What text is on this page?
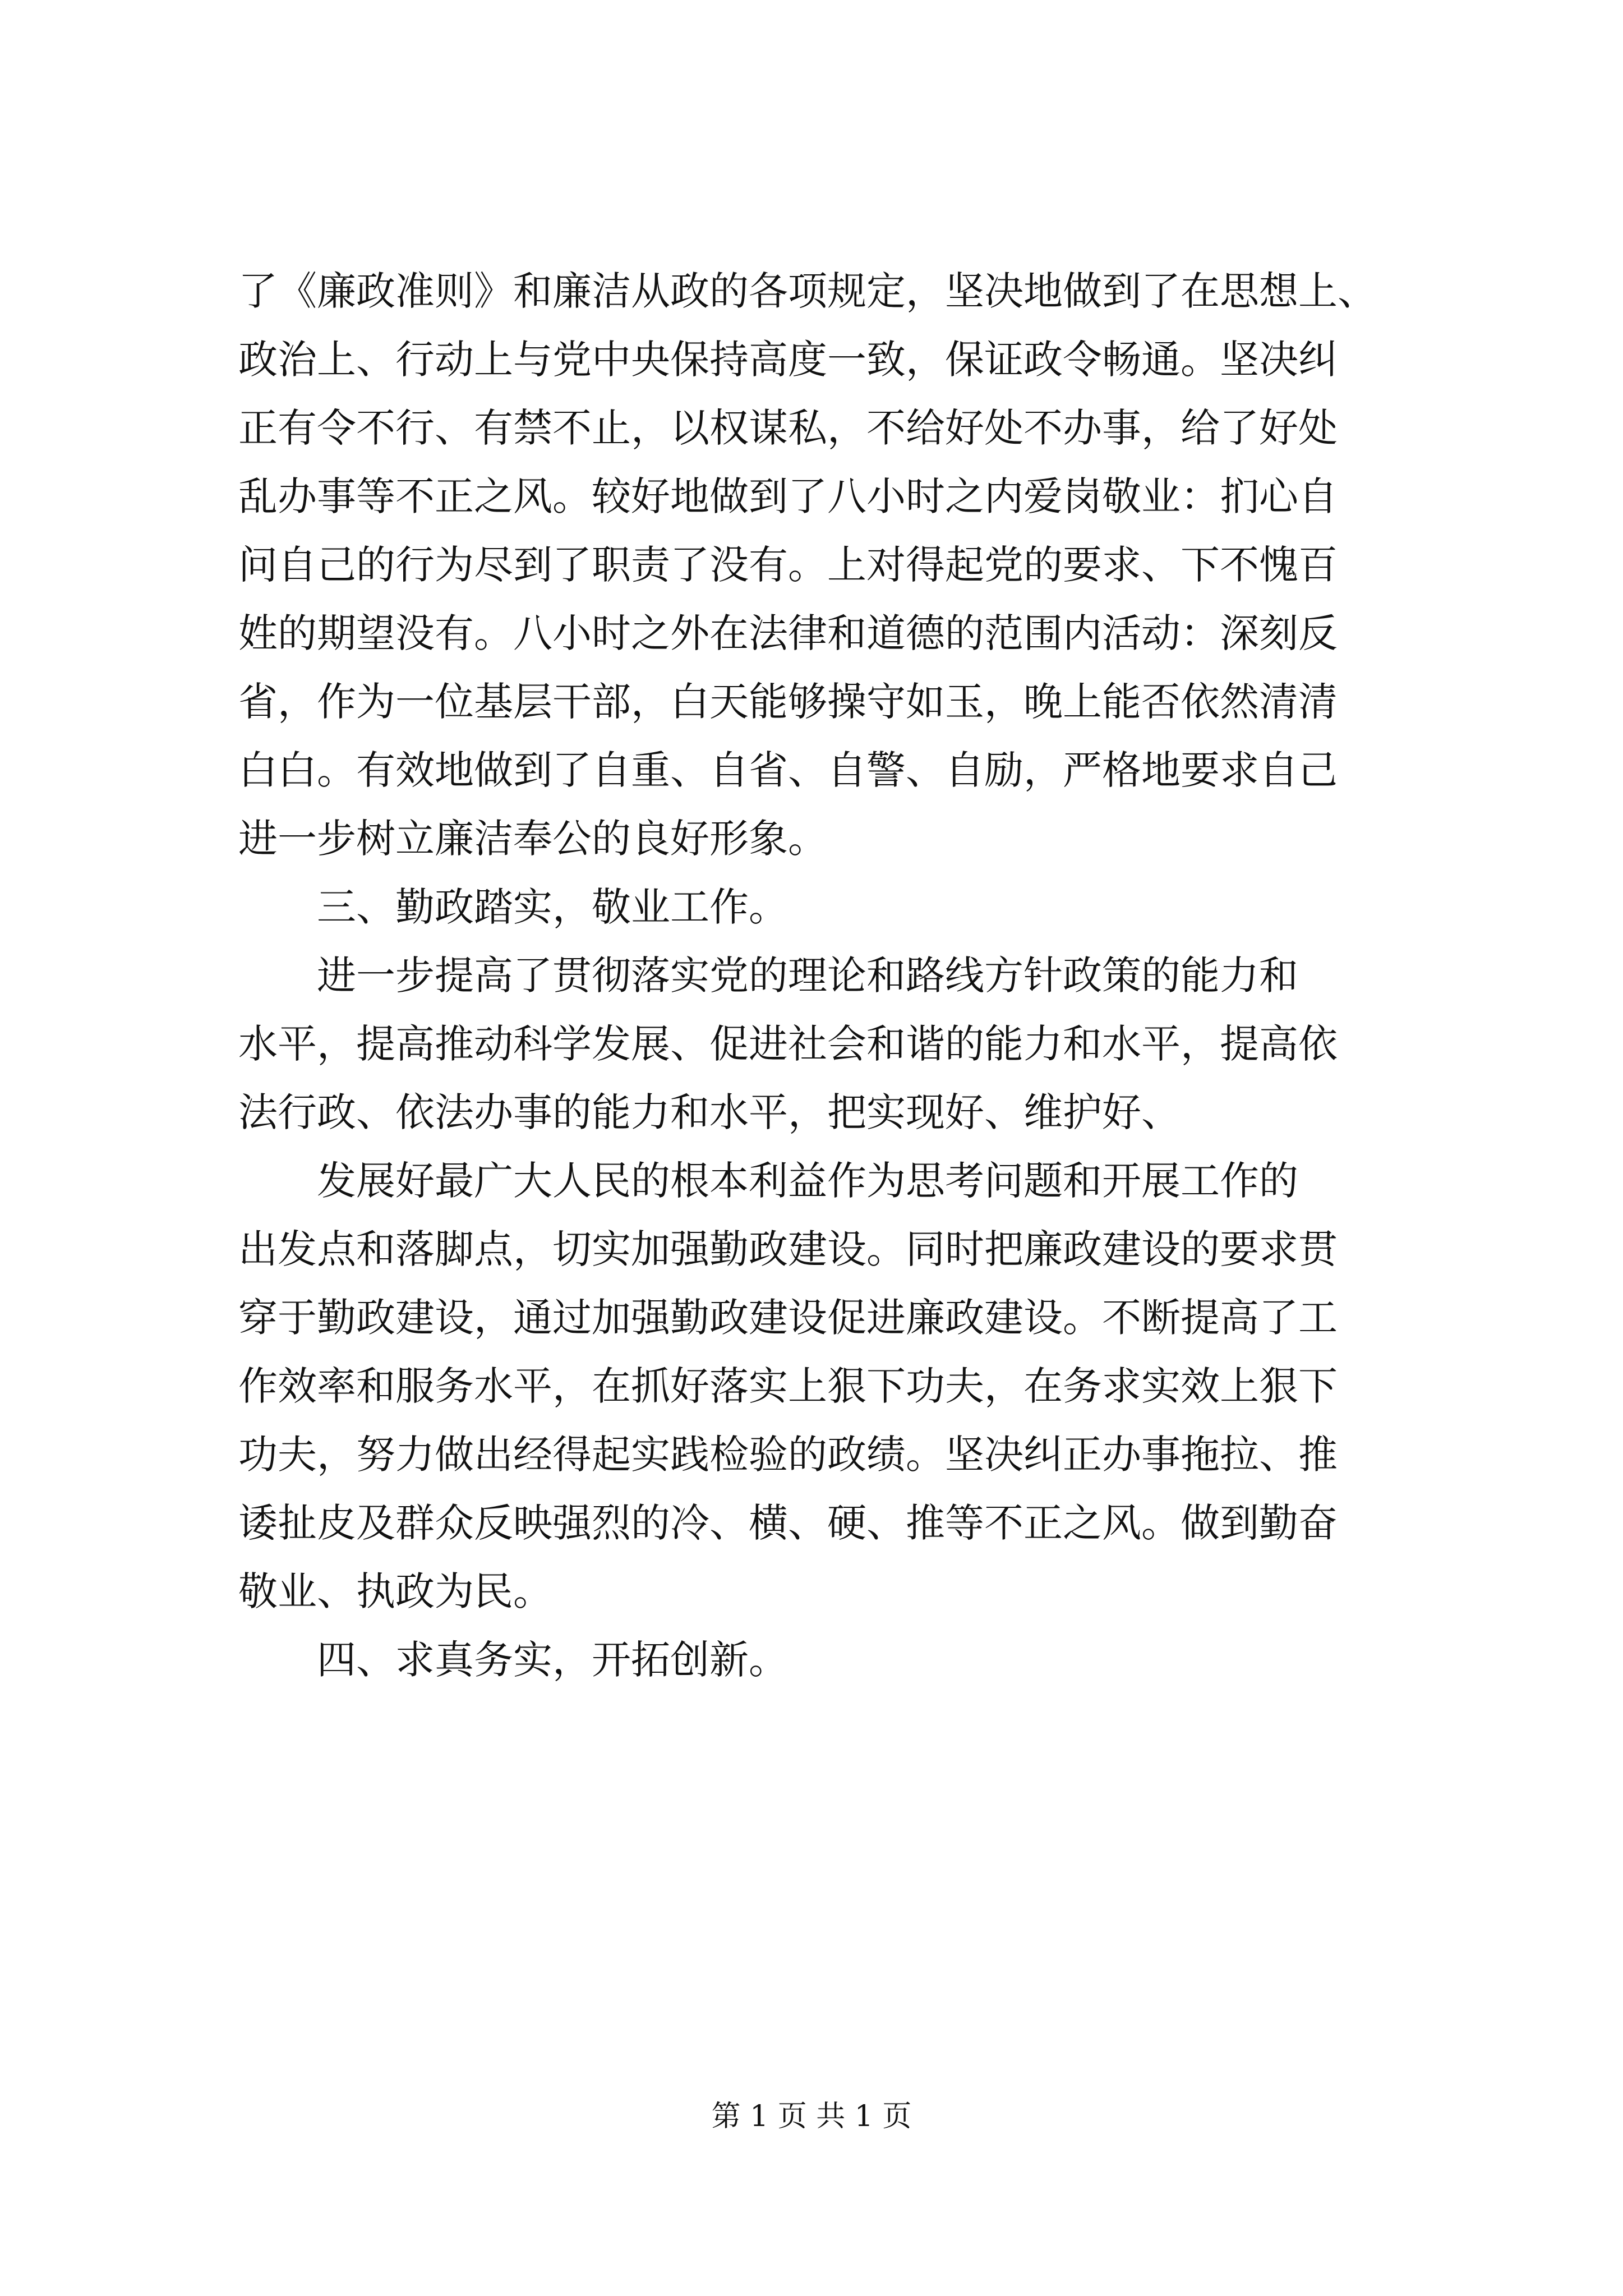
了《廉政准则》和廉洁从政的各项规定，坚决地做到了在思想上、
政治上、行动上与党中央保持高度一致，保证政令畅通。坚决纠
正有令不行、有禁不止，以权谋私，不给好处不办事，给了好处
乱办事等不正之风。较好地做到了八小时之内爱岗敬业：扪心自
问自己的行为尽到了职责了没有。上对得起党的要求、下不愧百
姓的期望没有。八小时之外在法律和道德的范围内活动：深刻反
省，作为一位基层干部，白天能够操守如玉，晚上能否依然清清
白白。有效地做到了自重、自省、自警、自励，严格地要求自己
进一步树立廉洁奉公的良好形象。
三、勤政踏实，敬业工作。
进一步提高了贯彻落实党的理论和路线方针政策的能力和
水平，提高推动科学发展、促进社会和谐的能力和水平，提高依
法行政、依法办事的能力和水平，把实现好、维护好、
发展好最广大人民的根本利益作为思考问题和开展工作的
出发点和落脚点，切实加强勤政建设。同时把廉政建设的要求贯
穿于勤政建设，通过加强勤政建设促进廉政建设。不断提高了工
作效率和服务水平，在抓好落实上狠下功夫，在务求实效上狠下
功夫，努力做出经得起实践检验的政绩。坚决纠正办事拖拉、推
诿扯皮及群众反映强烈的冷、横、硬、推等不正之风。做到勤奋
敬业、执政为民。
四、求真务实，开拓创新。
第 1 页 共 1 页
